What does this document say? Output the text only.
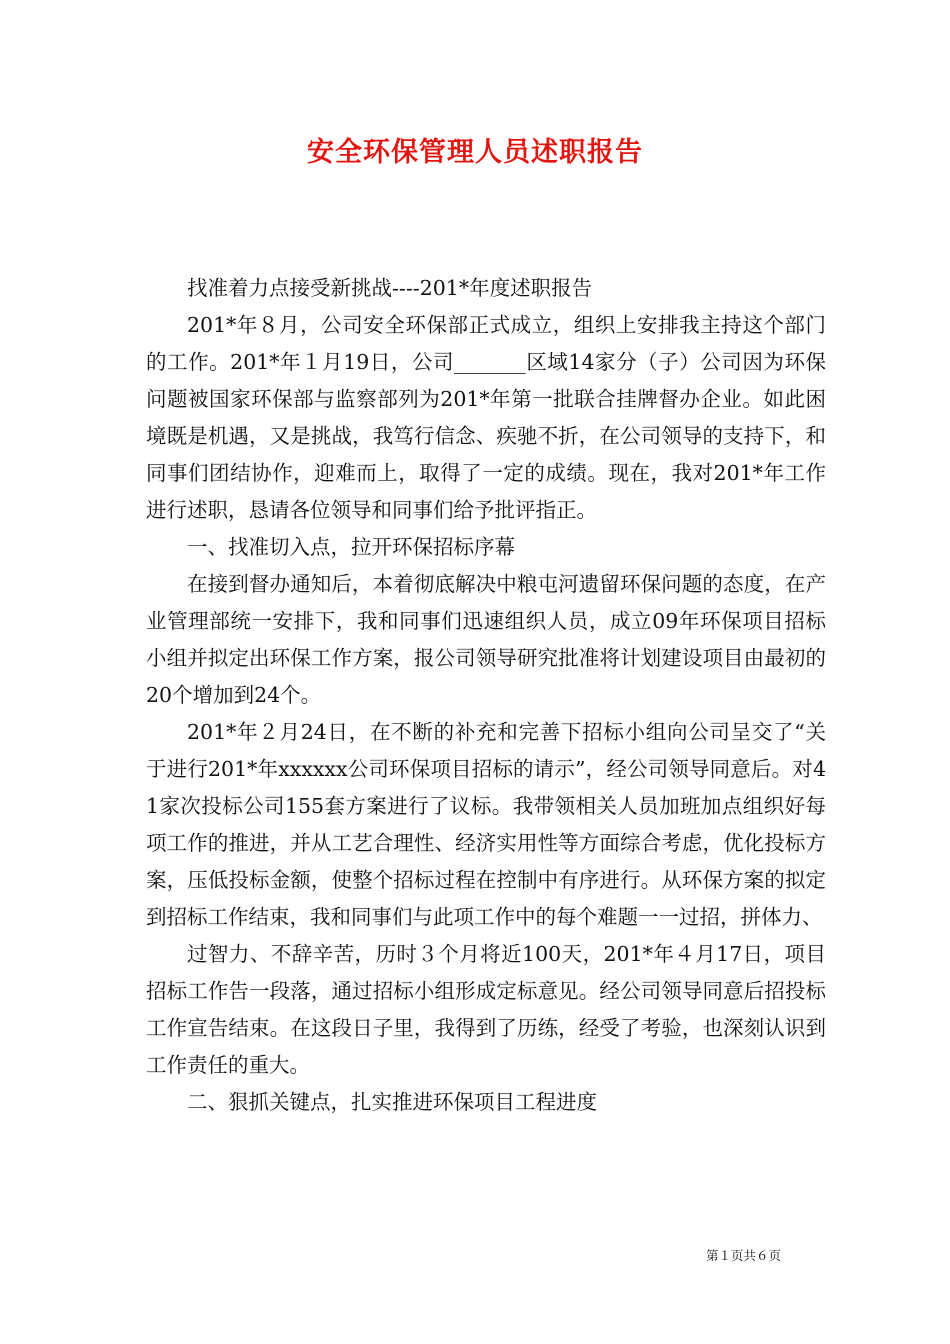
安全环保管理人员述职报告

找准着力点接受新挑战----201*年度述职报告

201*年８月，公司安全环保部正式成立，组织上安排我主持这个部门的工作。201*年１月19日，公司_______区域14家分（子）公司因为环保问题被国家环保部与监察部列为201*年第一批联合挂牌督办企业。如此困境既是机遇，又是挑战，我笃行信念、疾驰不折，在公司领导的支持下，和同事们团结协作，迎难而上，取得了一定的成绩。现在，我对201*年工作进行述职，恳请各位领导和同事们给予批评指正。

一、找准切入点，拉开环保招标序幕

在接到督办通知后，本着彻底解决中粮屯河遗留环保问题的态度，在产业管理部统一安排下，我和同事们迅速组织人员，成立09年环保项目招标小组并拟定出环保工作方案，报公司领导研究批准将计划建设项目由最初的20个增加到24个。

201*年２月24日，在不断的补充和完善下招标小组向公司呈交了“关于进行201*年xxxxxx公司环保项目招标的请示”，经公司领导同意后。对41家次投标公司155套方案进行了议标。我带领相关人员加班加点组织好每项工作的推进，并从工艺合理性、经济实用性等方面综合考虑，优化投标方案，压低投标金额，使整个招标过程在控制中有序进行。从环保方案的拟定到招标工作结束，我和同事们与此项工作中的每个难题一一过招，拼体力、

过智力、不辞辛苦，历时３个月将近100天，201*年４月17日，项目招标工作告一段落，通过招标小组形成定标意见。经公司领导同意后招投标工作宣告结束。在这段日子里，我得到了历练，经受了考验，也深刻认识到工作责任的重大。

二、狠抓关键点，扎实推进环保项目工程进度

第１页共６页
